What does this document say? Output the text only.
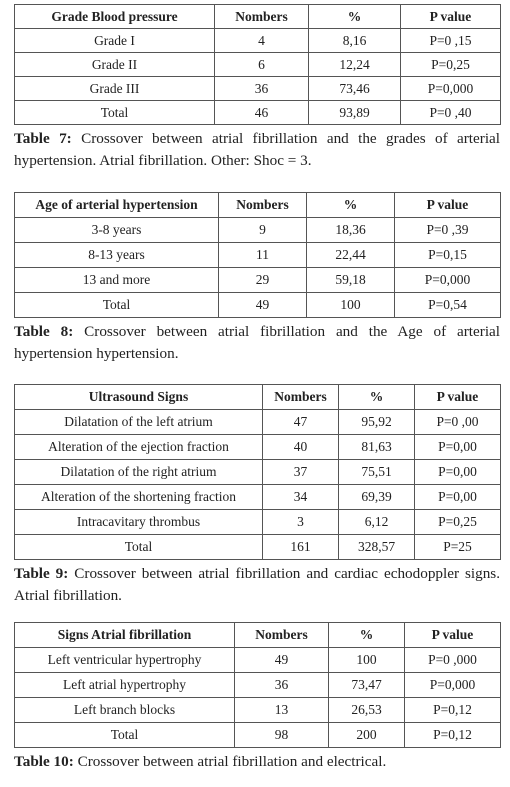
Grade Blood pressure	Nombers	%	P value
Grade I	4	8,16	P=0 ,15
Grade II	6	12,24	P=0,25
Grade III	36	73,46	P=0,000
Total	46	93,89	P=0 ,40

Table 7: Crossover between atrial fibrillation and the grades of arterial hypertension. Atrial fibrillation. Other: Shoc = 3.

Age of arterial hypertension	Nombers	%	P value
3-8 years	9	18,36	P=0 ,39
8-13 years	11	22,44	P=0,15
13 and more	29	59,18	P=0,000
Total	49	100	P=0,54

Table 8: Crossover between atrial fibrillation and the Age of arterial hypertension hypertension.

Ultrasound Signs	Nombers	%	P value
Dilatation of the left atrium	47	95,92	P=0 ,00
Alteration of the ejection fraction	40	81,63	P=0,00
Dilatation of the right atrium	37	75,51	P=0,00
Alteration of the shortening fraction	34	69,39	P=0,00
Intracavitary thrombus	3	6,12	P=0,25
Total	161	328,57	P=25

Table 9: Crossover between atrial fibrillation and cardiac echodoppler signs. Atrial fibrillation.

Signs Atrial fibrillation	Nombers	%	P value
Left ventricular hypertrophy	49	100	P=0 ,000
Left atrial hypertrophy	36	73,47	P=0,000
Left branch blocks	13	26,53	P=0,12
Total	98	200	P=0,12

Table 10: Crossover between atrial fibrillation and electrical.
